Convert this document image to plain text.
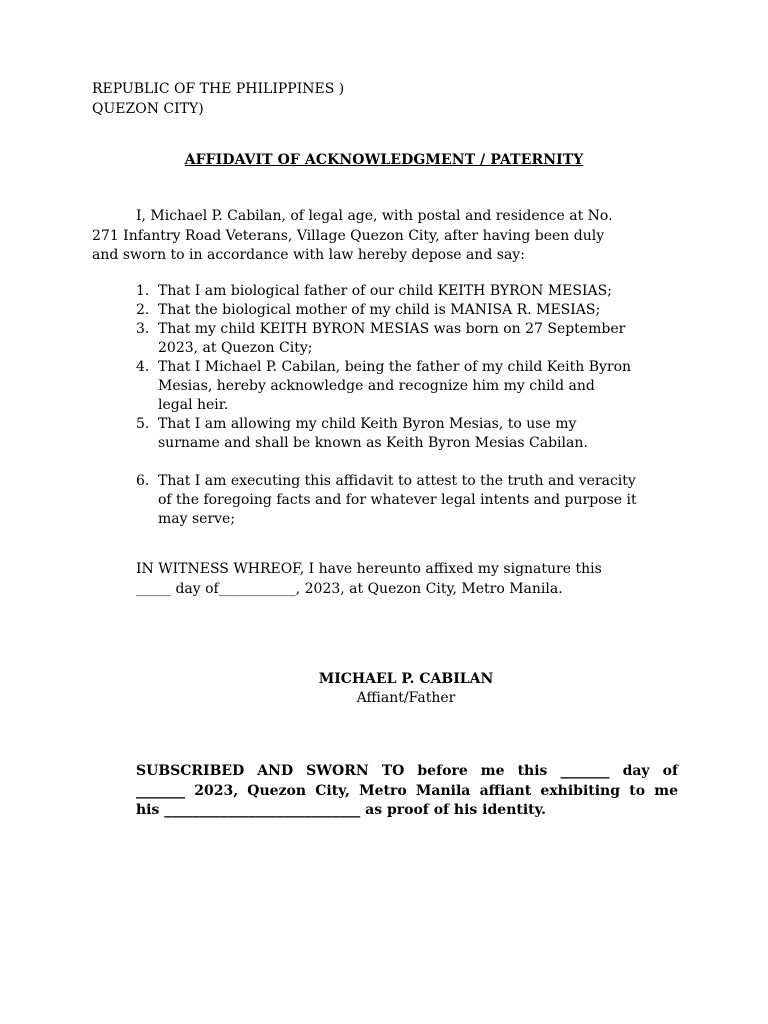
REPUBLIC OF THE PHILIPPINES )
QUEZON CITY)
AFFIDAVIT OF ACKNOWLEDGMENT / PATERNITY
I, Michael P. Cabilan, of legal age, with postal and residence at No.
271 Infantry Road Veterans, Village Quezon City, after having been duly
and sworn to in accordance with law hereby depose and say:
1. That I am biological father of our child KEITH BYRON MESIAS;
2. That the biological mother of my child is MANISA R. MESIAS;
3. That my child KEITH BYRON MESIAS was born on 27 September
2023, at Quezon City;
4. That I Michael P. Cabilan, being the father of my child Keith Byron
Mesias, hereby acknowledge and recognize him my child and
legal heir.
5. That I am allowing my child Keith Byron Mesias, to use my
surname and shall be known as Keith Byron Mesias Cabilan.
6. That I am executing this affidavit to attest to the truth and veracity
of the foregoing facts and for whatever legal intents and purpose it
may serve;
IN WITNESS WHREOF, I have hereunto affixed my signature this
_____ day of___________, 2023, at Quezon City, Metro Manila.
MICHAEL P. CABILAN
Affiant/Father
SUBSCRIBED AND SWORN TO before me this _______ day of
_______ 2023, Quezon City, Metro Manila affiant exhibiting to me
his ____________________________ as proof of his identity.
